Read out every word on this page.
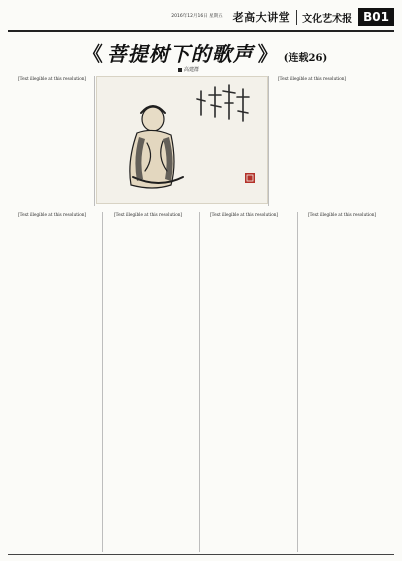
2016年12月16日 星期五 老高大讲堂	文化艺术报 B01
《 菩提树下的歌声 》 (连载26)
高建群

[Text illegible at this resolution]	[Text illegible at this resolution]

[Text illegible at this resolution]	[Text illegible at this resolution]	[Text illegible at this resolution]	[Text illegible at this resolution]
